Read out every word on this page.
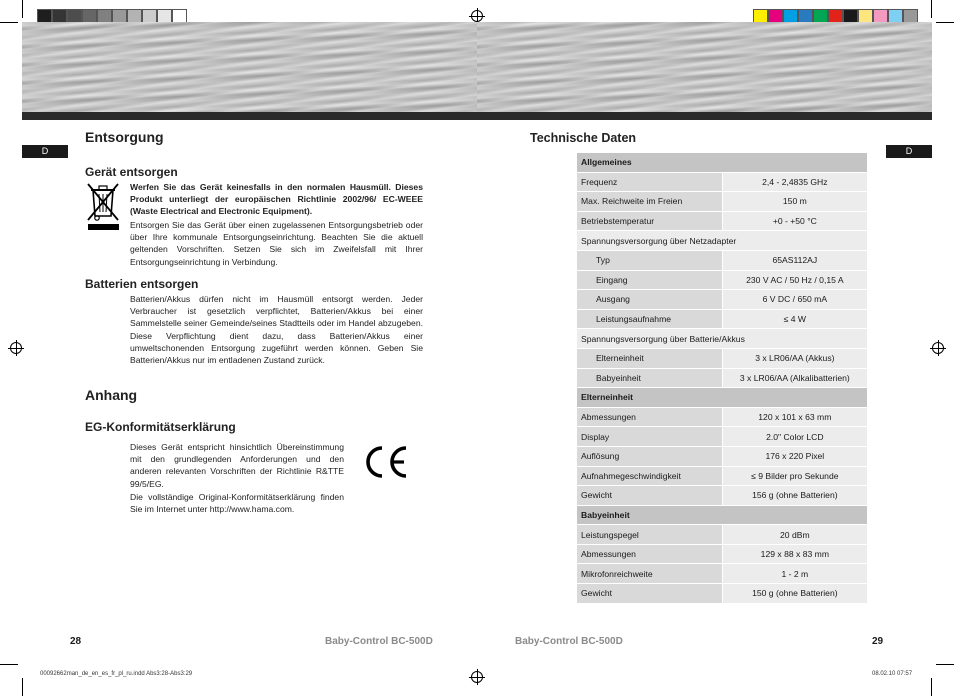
D
Entsorgung
Gerät entsorgen
Werfen Sie das Gerät keinesfalls in den normalen Hausmüll. Dieses Produkt unterliegt der europäischen Richtlinie 2002/96/ EC-WEEE (Waste Electrical and Electronic Equipment).
Entsorgen Sie das Gerät über einen zugelassenen Entsorgungsbetrieb oder über Ihre kommunale Entsorgungseinrichtung. Beachten Sie die aktuell geltenden Vorschriften. Setzen Sie sich im Zweifelsfall mit Ihrer Entsorgungseinrichtung in Verbindung.
Batterien entsorgen
Batterien/Akkus dürfen nicht im Hausmüll entsorgt werden. Jeder Verbraucher ist gesetzlich verpflichtet, Batterien/Akkus bei einer Sammelstelle seiner Gemeinde/seines Stadtteils oder im Handel abzugeben. Diese Verpflichtung dient dazu, dass Batterien/Akkus einer umweltschonenden Entsorgung zugeführt werden können. Geben Sie Batterien/Akkus nur im entladenen Zustand zurück.
Anhang
EG-Konformitätserklärung
Dieses Gerät entspricht hinsichtlich Übereinstimmung mit den grundlegenden Anforderungen und den anderen relevanten Vorschriften der Richtlinie R&TTE 99/5/EG.
Die vollständige Original-Konformitätserklärung finden Sie im Internet unter http://www.hama.com.
28	Baby-Control BC-500D
D
Technische Daten
Allgemeines	
Frequenz	2,4 - 2,4835 GHz
Max. Reichweite im Freien	150 m
Betriebstemperatur	+0 - +50 °C
Spannungsversorgung über Netzadapter	
Typ	65AS112AJ
Eingang	230 V AC / 50 Hz / 0,15 A
Ausgang	6 V DC / 650 mA
Leistungsaufnahme	≤ 4 W
Spannungsversorgung über Batterie/Akkus	
Elterneinheit	3 x LR06/AA (Akkus)
Babyeinheit	3 x LR06/AA (Alkalibatterien)
Elterneinheit	
Abmessungen	120 x 101 x 63 mm
Display	2.0" Color LCD
Auflösung	176 x 220 Pixel
Aufnahmegeschwindigkeit	≤ 9 Bilder pro Sekunde
Gewicht	156 g (ohne Batterien)
Babyeinheit	
Leistungspegel	20 dBm
Abmessungen	129 x 88 x 83 mm
Mikrofonreichweite	1 - 2 m
Gewicht	150 g (ohne Batterien)
Baby-Control BC-500D	29
00092662man_de_en_es_fr_pl_ru.indd Abs3:28-Abs3:29	08.02.10 07:57
